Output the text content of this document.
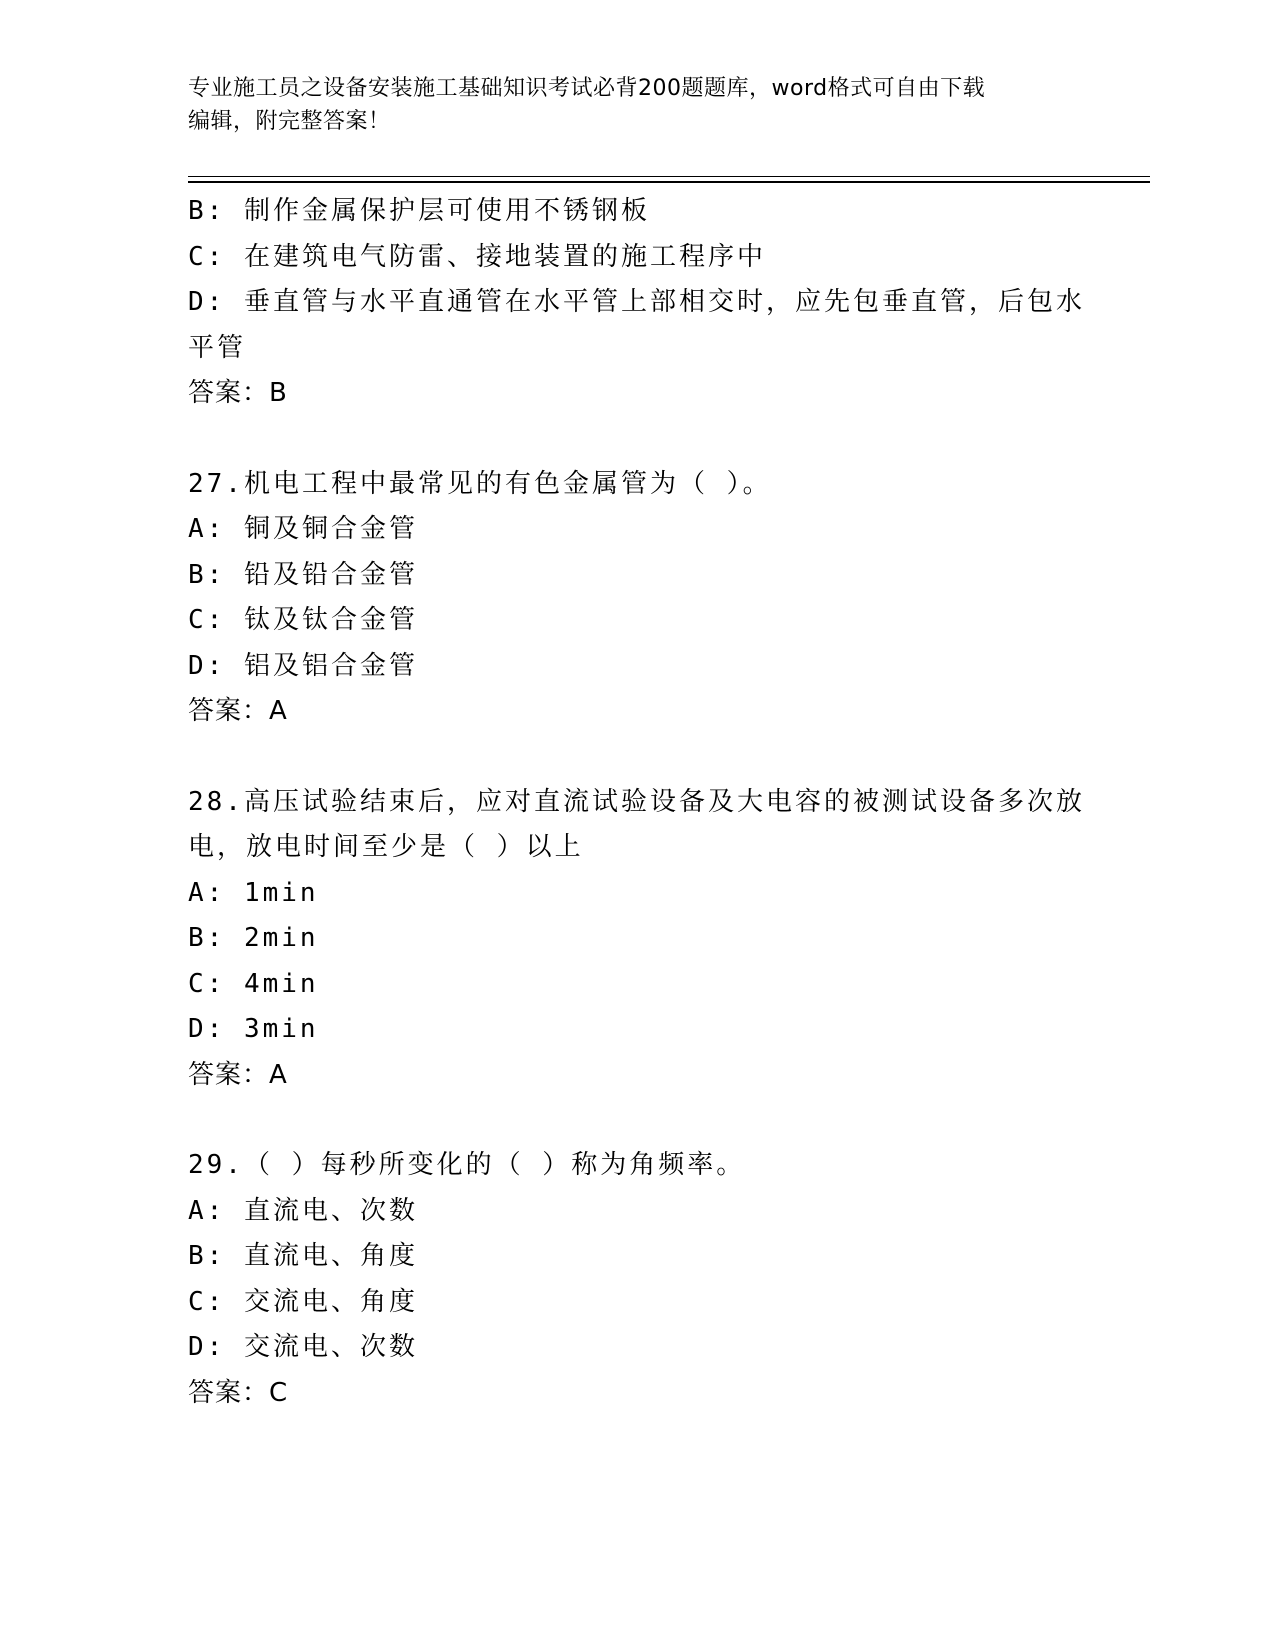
专业施工员之设备安装施工基础知识考试必背200题题库，word格式可自由下载
编辑，附完整答案！
B: 制作金属保护层可使用不锈钢板
C: 在建筑电气防雷、接地装置的施工程序中
D: 垂直管与水平直通管在水平管上部相交时，应先包垂直管，后包水
平管
答案：B
27.机电工程中最常见的有色金属管为（ ）。
A: 铜及铜合金管
B: 铅及铅合金管
C: 钛及钛合金管
D: 铝及铝合金管
答案：A
28.高压试验结束后，应对直流试验设备及大电容的被测试设备多次放
电，放电时间至少是（ ）以上
A: 1min
B: 2min
C: 4min
D: 3min
答案：A
29.（ ）每秒所变化的（ ）称为角频率。
A: 直流电、次数
B: 直流电、角度
C: 交流电、角度
D: 交流电、次数
答案：C
